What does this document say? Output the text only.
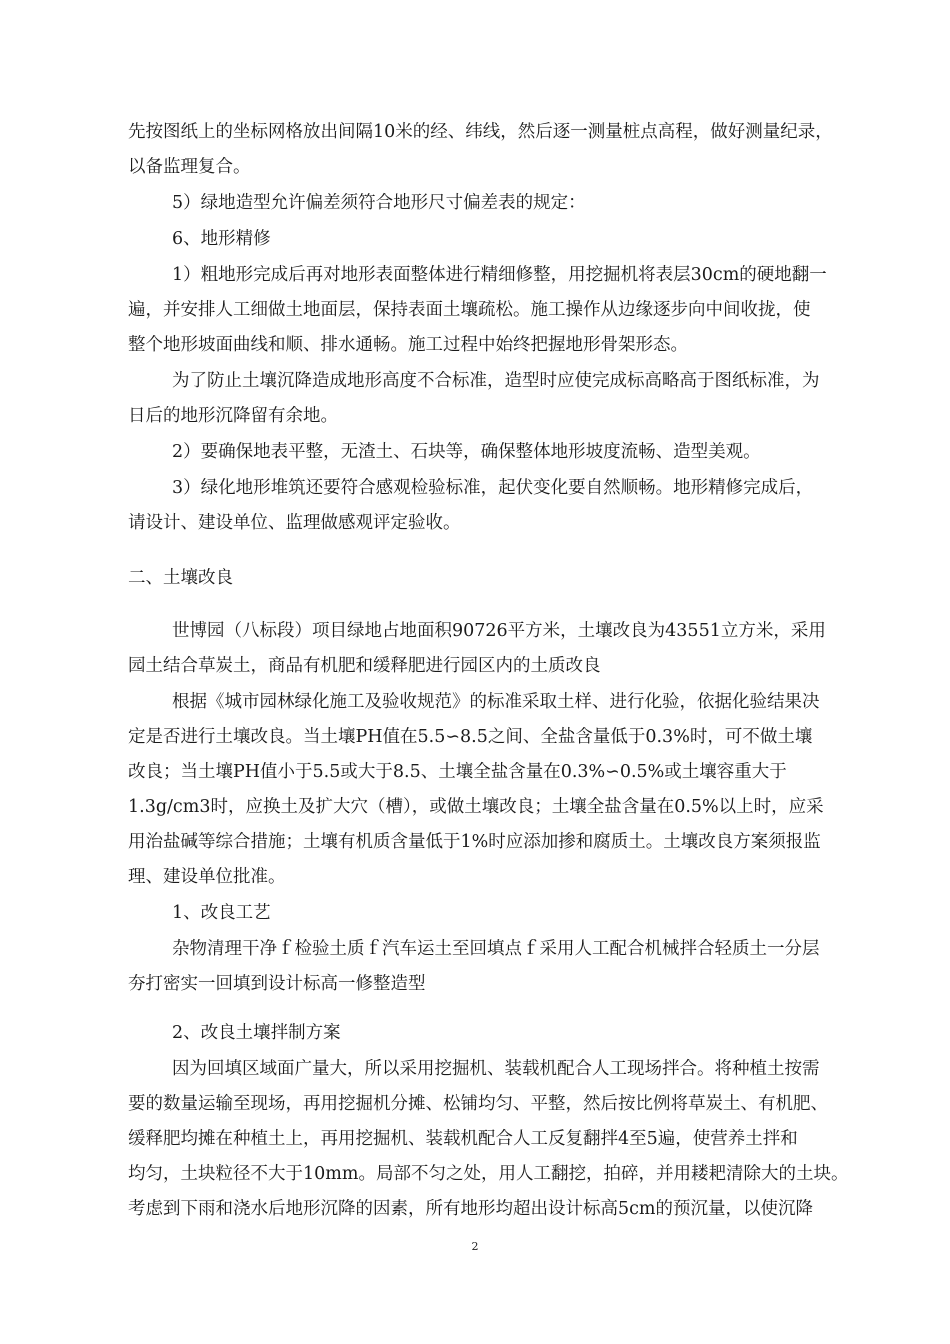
先按图纸上的坐标网格放出间隔10米的经、纬线，然后逐一测量桩点高程，做好测量纪录，
以备监理复合。
5）绿地造型允许偏差须符合地形尺寸偏差表的规定：
6、地形精修
1）粗地形完成后再对地形表面整体进行精细修整，用挖掘机将表层30cm的硬地翻一
遍，并安排人工细做土地面层，保持表面土壤疏松。施工操作从边缘逐步向中间收拢，使
整个地形坡面曲线和顺、排水通畅。施工过程中始终把握地形骨架形态。
为了防止土壤沉降造成地形高度不合标准，造型时应使完成标高略高于图纸标准，为
日后的地形沉降留有余地。
2）要确保地表平整，无渣土、石块等，确保整体地形坡度流畅、造型美观。
3）绿化地形堆筑还要符合感观检验标准，起伏变化要自然顺畅。地形精修完成后，
请设计、建设单位、监理做感观评定验收。
二、土壤改良
世博园（八标段）项目绿地占地面积90726平方米，土壤改良为43551立方米，采用
园土结合草炭土，商品有机肥和缓释肥进行园区内的土质改良
根据《城市园林绿化施工及验收规范》的标准采取土样、进行化验，依据化验结果决
定是否进行土壤改良。当土壤PH值在5.5∽8.5之间、全盐含量低于0.3%时，可不做土壤
改良；当土壤PH值小于5.5或大于8.5、土壤全盐含量在0.3%∽0.5%或土壤容重大于
1.3g/cm3时，应换土及扩大穴（槽），或做土壤改良；土壤全盐含量在0.5%以上时，应采
用治盐碱等综合措施；土壤有机质含量低于1%时应添加掺和腐质土。土壤改良方案须报监
理、建设单位批准。
1、改良工艺
杂物清理干净ｆ检验土质ｆ汽车运土至回填点ｆ采用人工配合机械拌合轻质土一分层
夯打密实一回填到设计标高一修整造型
2、改良土壤拌制方案
因为回填区域面广量大，所以采用挖掘机、装载机配合人工现场拌合。将种植土按需
要的数量运输至现场，再用挖掘机分摊、松铺均匀、平整，然后按比例将草炭土、有机肥、
缓释肥均摊在种植土上，再用挖掘机、装载机配合人工反复翻拌4至5遍，使营养土拌和
均匀，土块粒径不大于10mm。局部不匀之处，用人工翻挖，拍碎，并用耧耙清除大的土块。
考虑到下雨和浇水后地形沉降的因素，所有地形均超出设计标高5cm的预沉量，以使沉降
2
